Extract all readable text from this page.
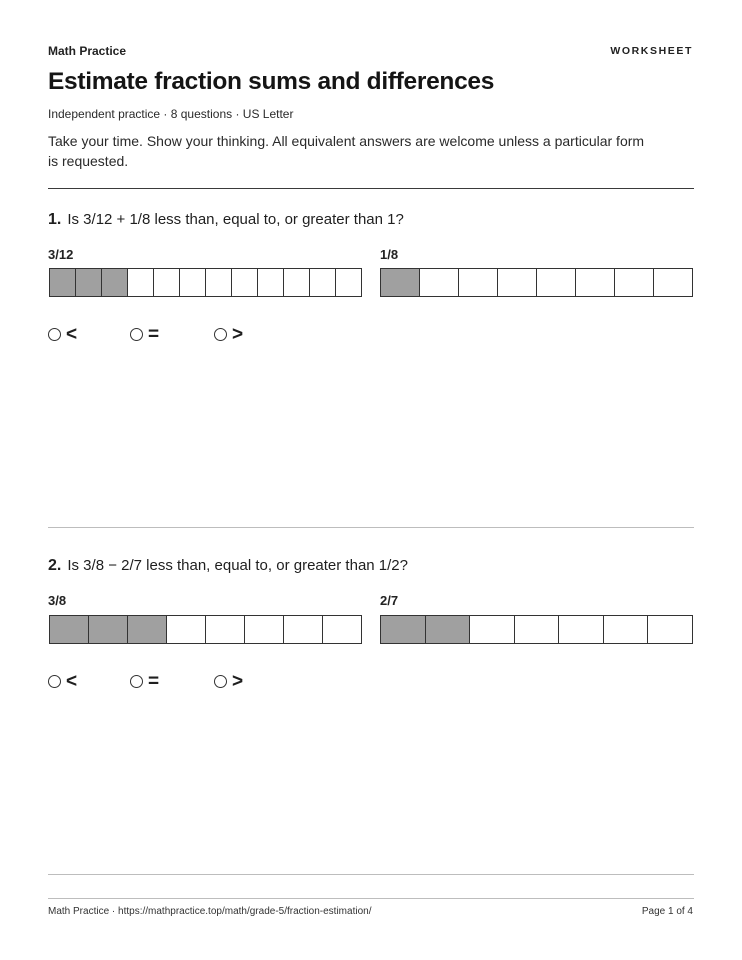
Math Practice	WORKSHEET
Estimate fraction sums and differences
Independent practice · 8 questions · US Letter
Take your time. Show your thinking. All equivalent answers are welcome unless a particular form is requested.
1. Is 3/12 + 1/8 less than, equal to, or greater than 1?
3/12	1/8
<	=	>
2. Is 3/8 − 2/7 less than, equal to, or greater than 1/2?
3/8	2/7
<	=	>
Math Practice · https://mathpractice.top/math/grade-5/fraction-estimation/	Page 1 of 4
